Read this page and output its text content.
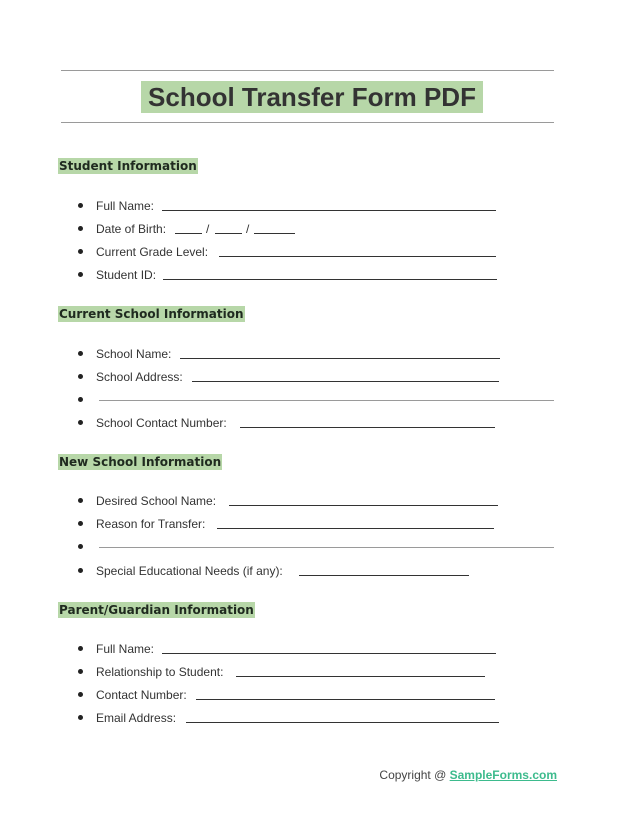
School Transfer Form PDF
Student Information
Full Name:
Date of Birth:	/	/
Current Grade Level:
Student ID:
Current School Information
School Name:
School Address:
School Contact Number:
New School Information
Desired School Name:
Reason for Transfer:
Special Educational Needs (if any):
Parent/Guardian Information
Full Name:
Relationship to Student:
Contact Number:
Email Address:
Copyright @ SampleForms.com
